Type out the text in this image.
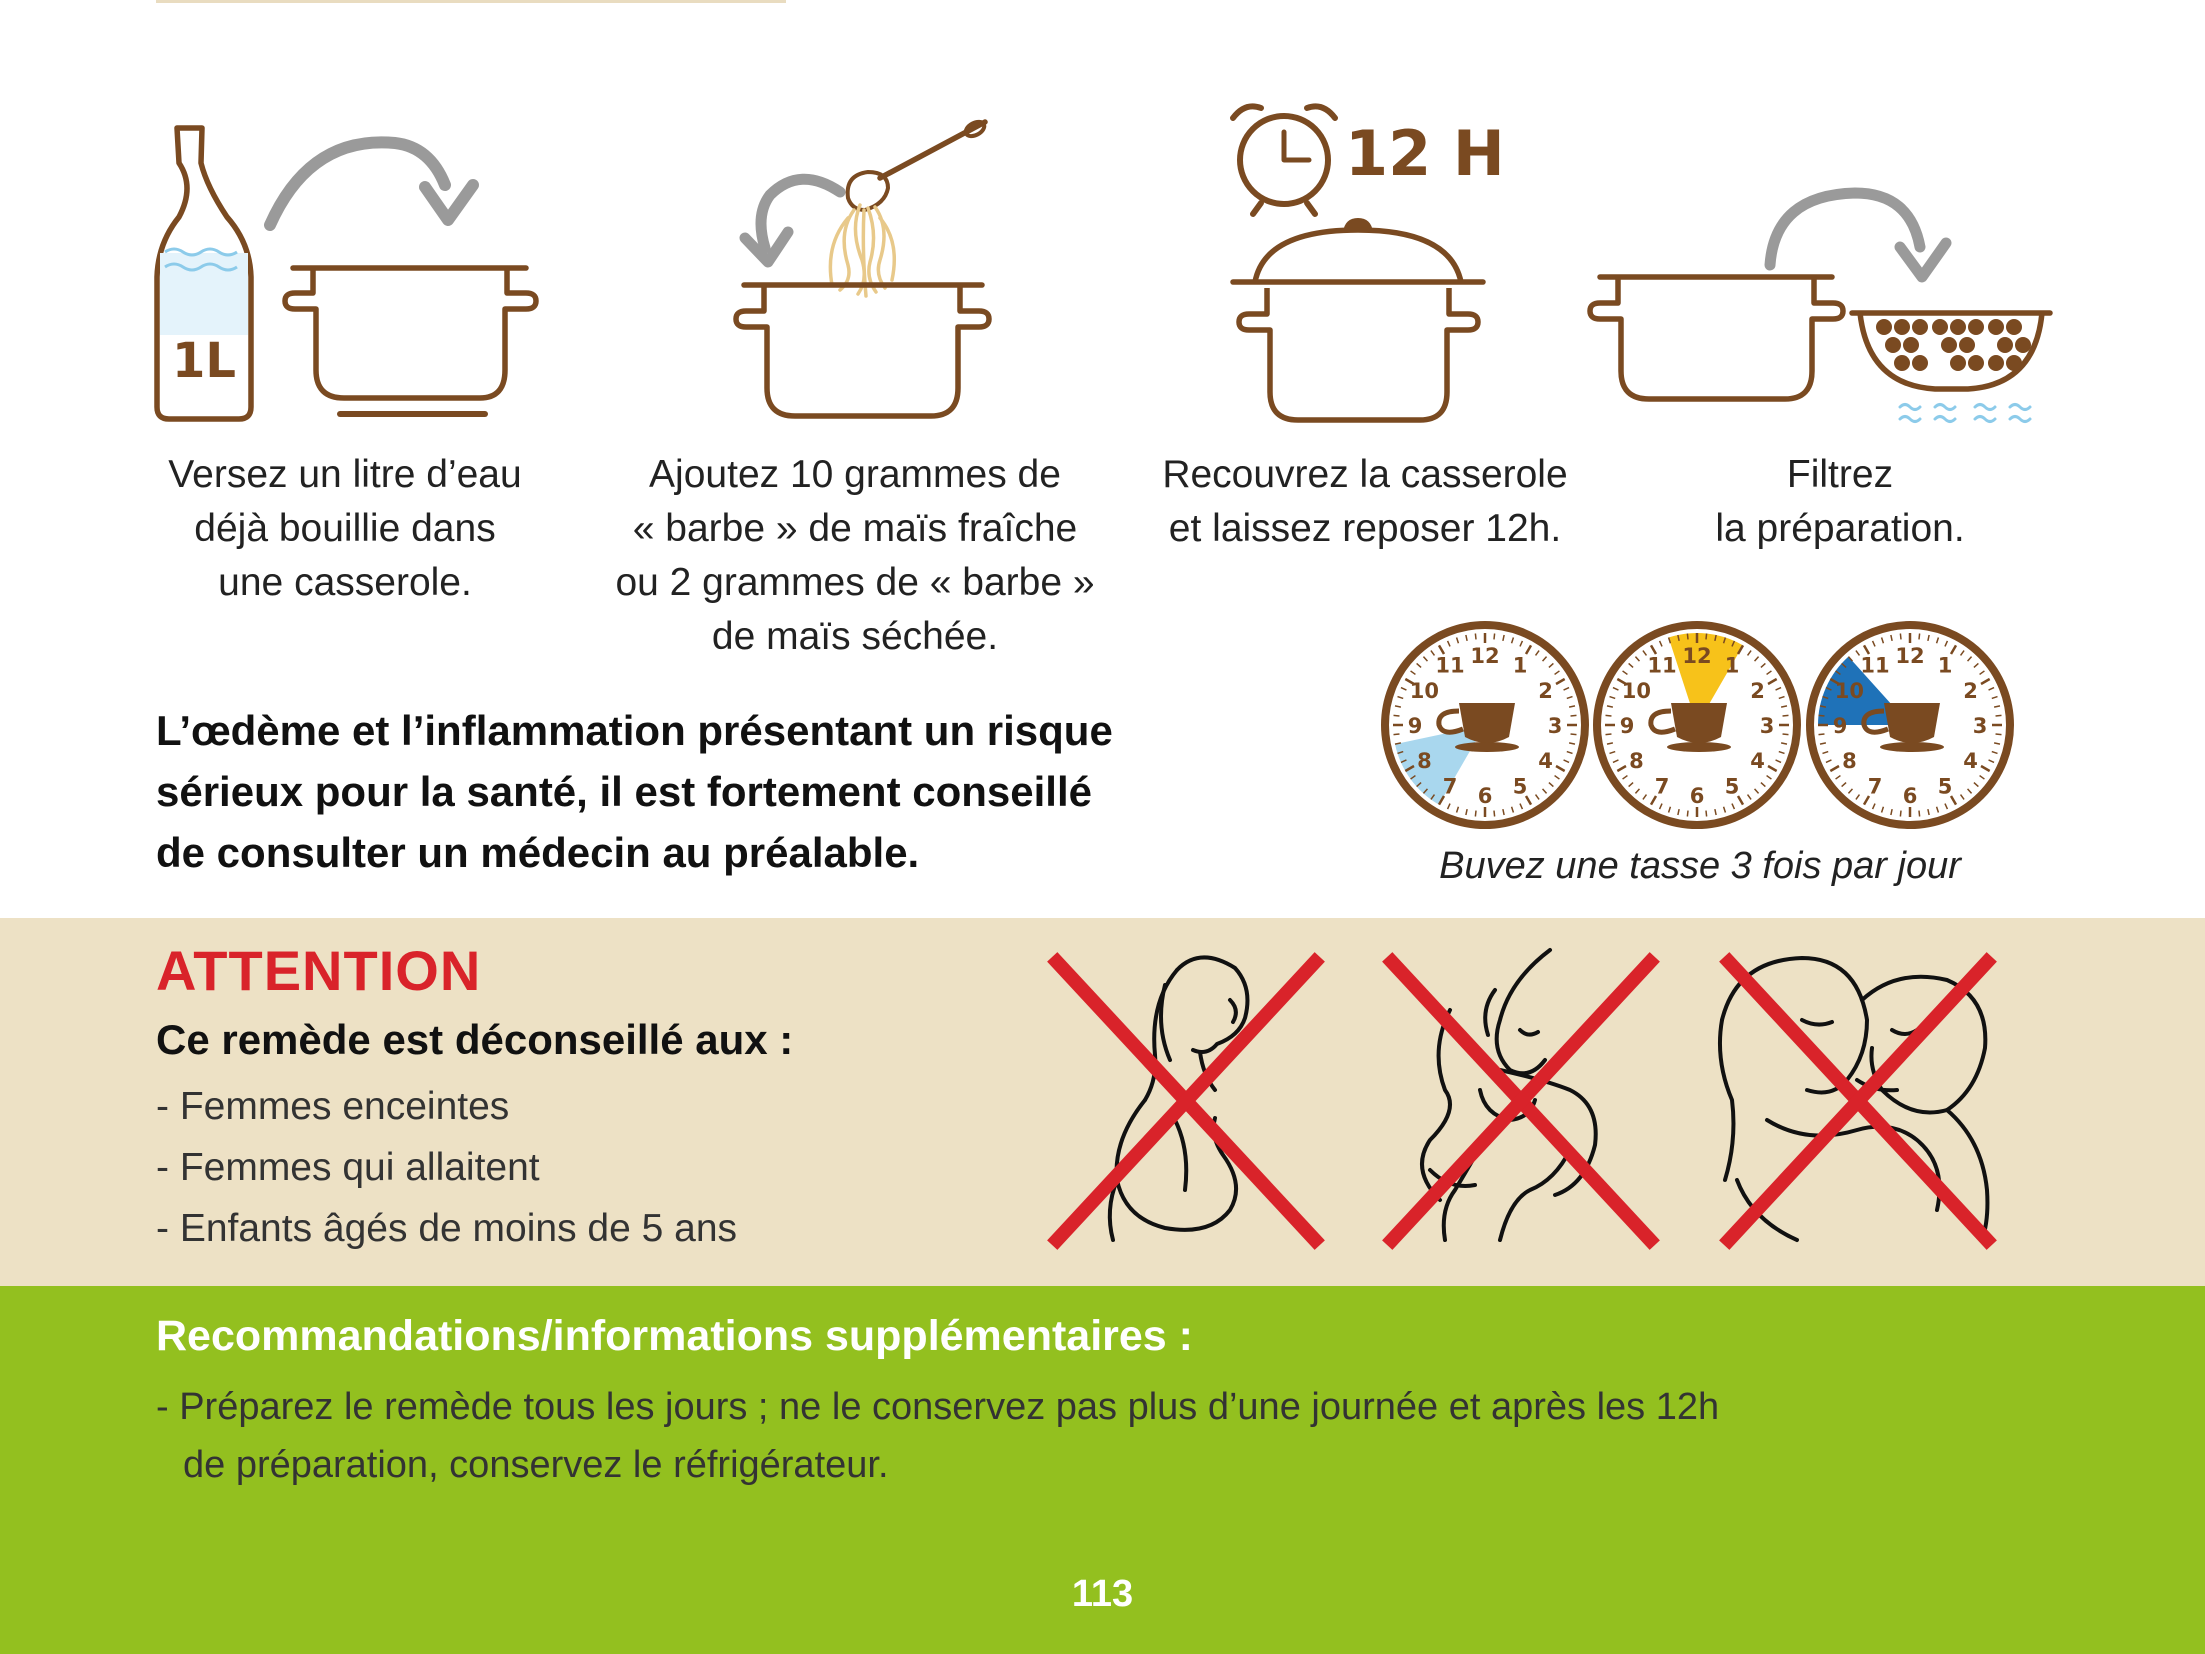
1L
Versez un litre d’eau
déjà bouillie dans
une casserole.
Ajoutez 10 grammes de
« barbe » de maïs fraîche
ou 2 grammes de « barbe »
de maïs séchée.
12 H
Recouvrez la casserole
et laissez reposer 12h.
Filtrez
la préparation.
L’œdème et l’inflammation présentant un risque
sérieux pour la santé, il est fortement conseillé
de consulter un médecin au préalable.
12 1
2
3
4
5
6
7
8
9
10
11	12 1
2
3
4
5
6
7
8
9
10
11	12 1
2
3
4
5
6
7
8
9
10
11
Buvez une tasse 3 fois par jour
ATTENTION
Ce remède est déconseillé aux :
- Femmes enceintes
- Femmes qui allaitent
- Enfants âgés de moins de 5 ans
Recommandations/informations supplémentaires :
- Préparez le remède tous les jours ; ne le conservez pas plus d’une journée et après les 12h
de préparation, conservez le réfrigérateur.
113
